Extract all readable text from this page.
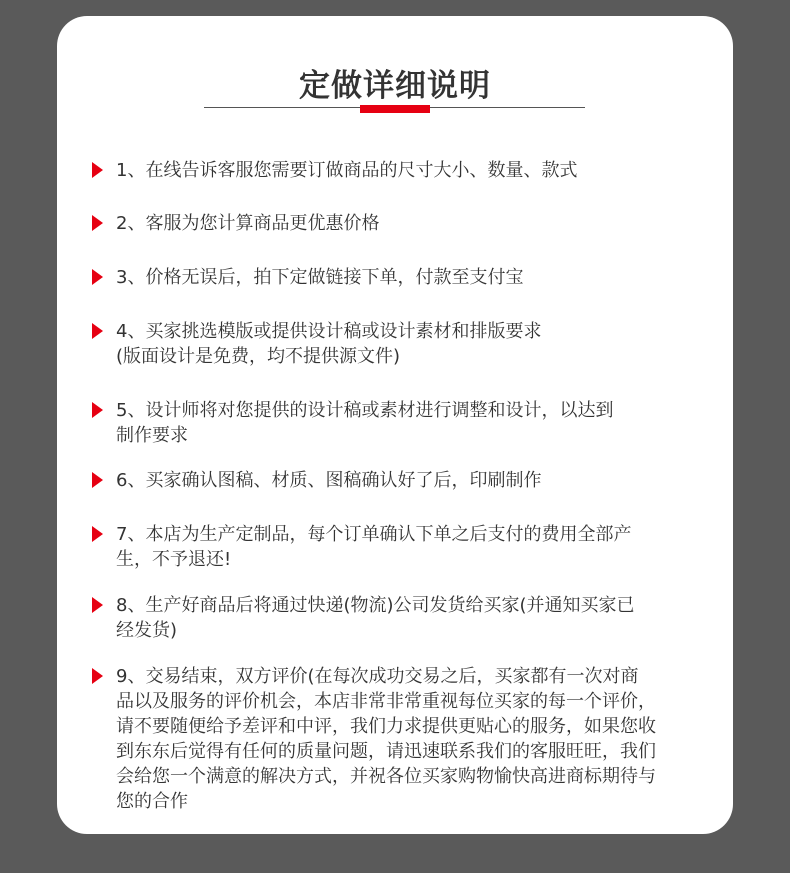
定做详细说明

1、在线告诉客服您需要订做商品的尺寸大小、数量、款式

2、客服为您计算商品更优惠价格

3、价格无误后，拍下定做链接下单，付款至支付宝

4、买家挑选模版或提供设计稿或设计素材和排版要求
(版面设计是免费，均不提供源文件)

5、设计师将对您提供的设计稿或素材进行调整和设计，以达到
制作要求

6、买家确认图稿、材质、图稿确认好了后，印刷制作

7、本店为生产定制品，每个订单确认下单之后支付的费用全部产
生，不予退还!

8、生产好商品后将通过快递(物流)公司发货给买家(并通知买家已
经发货)

9、交易结束，双方评价(在每次成功交易之后，买家都有一次对商
品以及服务的评价机会，本店非常非常重视每位买家的每一个评价，
请不要随便给予差评和中评，我们力求提供更贴心的服务，如果您收
到东东后觉得有任何的质量问题，请迅速联系我们的客服旺旺，我们
会给您一个满意的解决方式，并祝各位买家购物愉快高进商标期待与
您的合作
